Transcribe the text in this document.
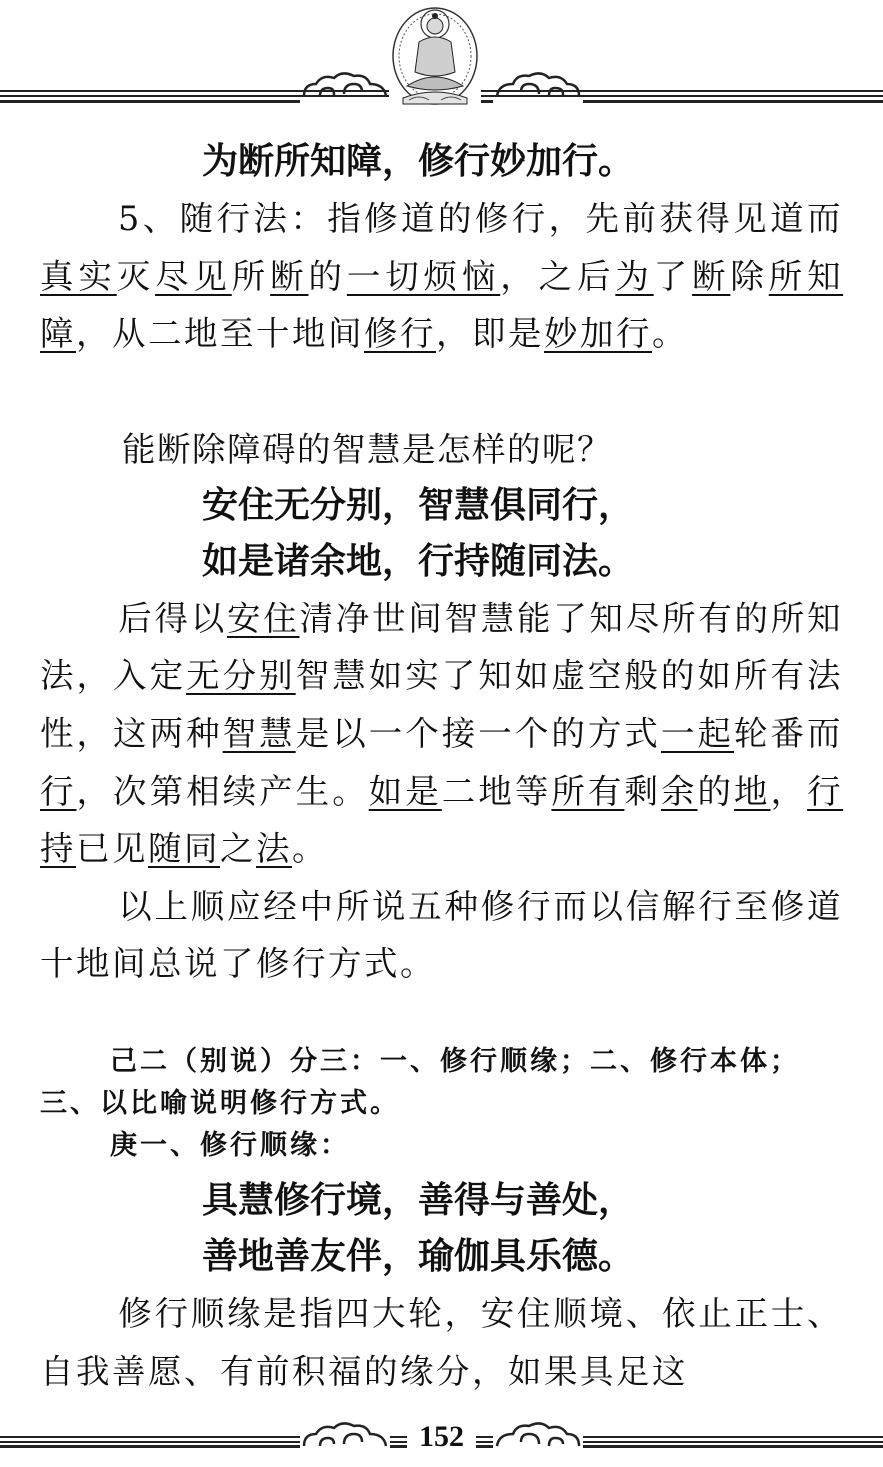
为断所知障，修行妙加行。
5、随行法：指修道的修行，先前获得见道而真实灭尽见所断的一切烦恼，之后为了断除所知障，从二地至十地间修行，即是妙加行。
能断除障碍的智慧是怎样的呢？
安住无分别，智慧俱同行，
如是诸余地，行持随同法。
后得以安住清净世间智慧能了知尽所有的所知法，入定无分别智慧如实了知如虚空般的如所有法性，这两种智慧是以一个接一个的方式一起轮番而行，次第相续产生。如是二地等所有剩余的地，行持已见随同之法。
以上顺应经中所说五种修行而以信解行至修道十地间总说了修行方式。
己二（别说）分三：一、修行顺缘；二、修行本体；三、以比喻说明修行方式。
庚一、修行顺缘：
具慧修行境，善得与善处，
善地善友伴，瑜伽具乐德。
修行顺缘是指四大轮，安住顺境、依止正士、自我善愿、有前积福的缘分，如果具足这
152
